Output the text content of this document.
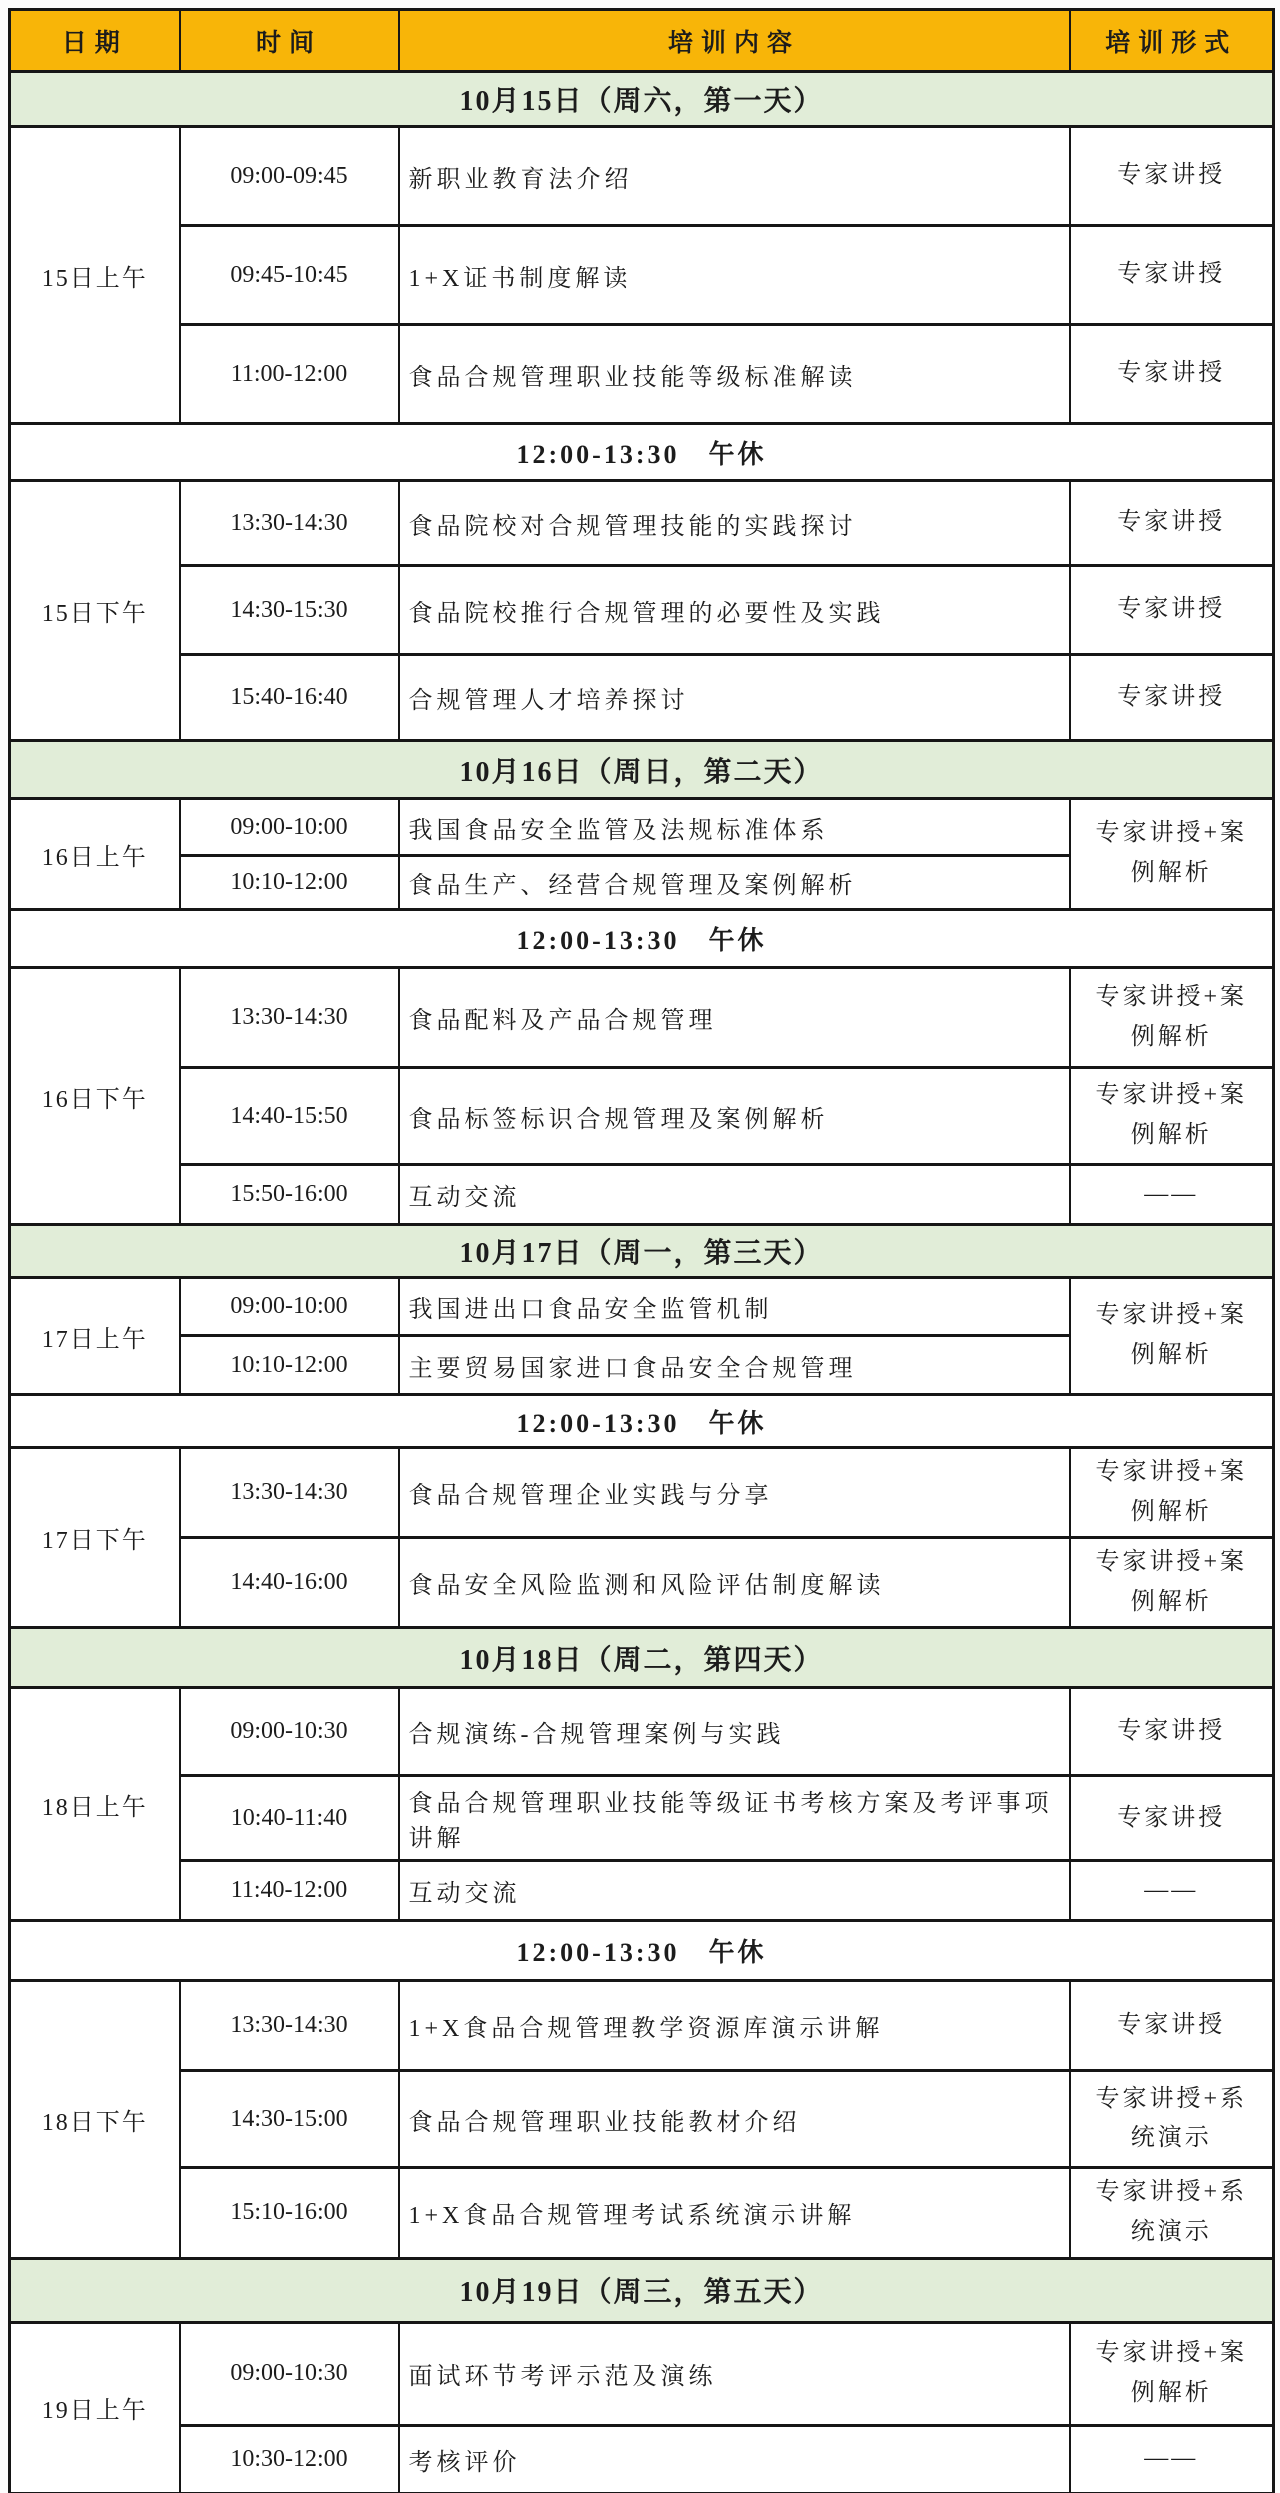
日期	时间	培训内容	培训形式
10月15日（周六，第一天）			
15日上午	09:00-09:45	新职业教育法介绍	专家讲授
	09:45-10:45	1+X证书制度解读	专家讲授
	11:00-12:00	食品合规管理职业技能等级标准解读	专家讲授
12:00-13:30　午休			
15日下午	13:30-14:30	食品院校对合规管理技能的实践探讨	专家讲授
	14:30-15:30	食品院校推行合规管理的必要性及实践	专家讲授
	15:40-16:40	合规管理人才培养探讨	专家讲授
10月16日（周日，第二天）			
16日上午	09:00-10:00	我国食品安全监管及法规标准体系	专家讲授+案例解析
	10:10-12:00	食品生产、经营合规管理及案例解析	
12:00-13:30　午休			
16日下午	13:30-14:30	食品配料及产品合规管理	专家讲授+案例解析
	14:40-15:50	食品标签标识合规管理及案例解析	专家讲授+案例解析
	15:50-16:00	互动交流	——
10月17日（周一，第三天）			
17日上午	09:00-10:00	我国进出口食品安全监管机制	专家讲授+案例解析
	10:10-12:00	主要贸易国家进口食品安全合规管理	
12:00-13:30　午休			
17日下午	13:30-14:30	食品合规管理企业实践与分享	专家讲授+案例解析
	14:40-16:00	食品安全风险监测和风险评估制度解读	专家讲授+案例解析
10月18日（周二，第四天）			
18日上午	09:00-10:30	合规演练-合规管理案例与实践	专家讲授
	10:40-11:40	食品合规管理职业技能等级证书考核方案及考评事项讲解	专家讲授
	11:40-12:00	互动交流	——
12:00-13:30　午休			
18日下午	13:30-14:30	1+X食品合规管理教学资源库演示讲解	专家讲授
	14:30-15:00	食品合规管理职业技能教材介绍	专家讲授+系统演示
	15:10-16:00	1+X食品合规管理考试系统演示讲解	专家讲授+系统演示
10月19日（周三，第五天）			
19日上午	09:00-10:30	面试环节考评示范及演练	专家讲授+案例解析
	10:30-12:00	考核评价	——
